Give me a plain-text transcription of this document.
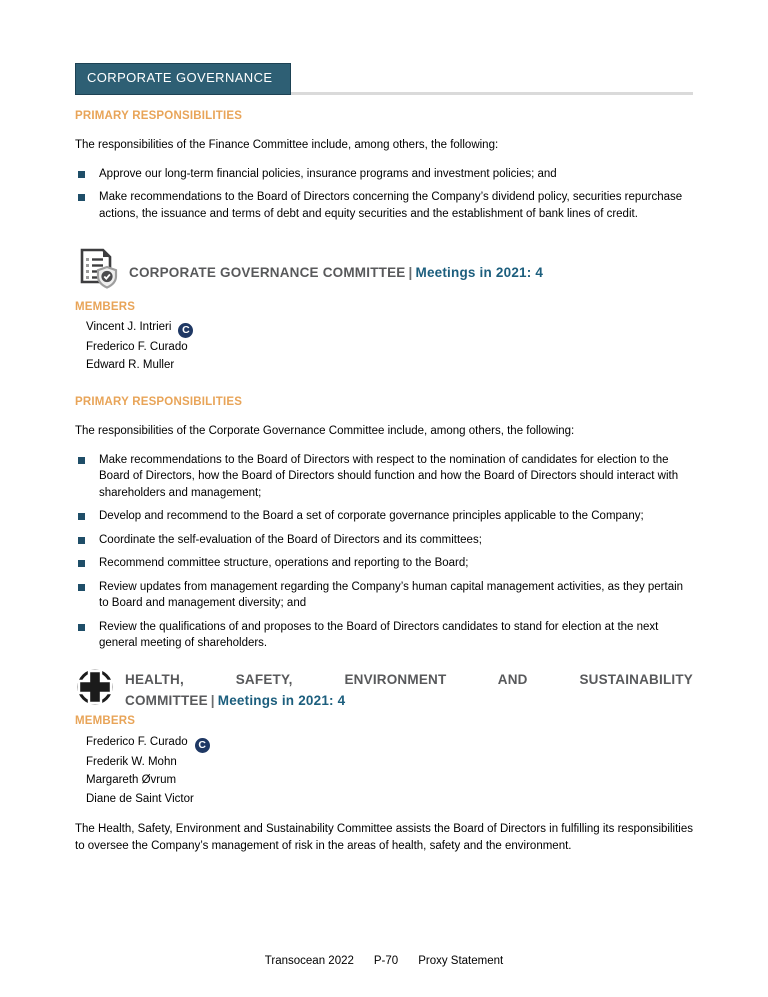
CORPORATE GOVERNANCE
PRIMARY RESPONSIBILITIES

The responsibilities of the Finance Committee include, among others, the following:

Approve our long-term financial policies, insurance programs and investment policies; and
Make recommendations to the Board of Directors concerning the Company’s dividend policy, securities repurchase actions, the issuance and terms of debt and equity securities and the establishment of bank lines of credit.
CORPORATE GOVERNANCE COMMITTEE | Meetings in 2021: 4
MEMBERS
Vincent J. Intrieri C
Frederico F. Curado
Edward R. Muller
PRIMARY RESPONSIBILITIES

The responsibilities of the Corporate Governance Committee include, among others, the following:

Make recommendations to the Board of Directors with respect to the nomination of candidates for election to the Board of Directors, how the Board of Directors should function and how the Board of Directors should interact with shareholders and management;
Develop and recommend to the Board a set of corporate governance principles applicable to the Company;
Coordinate the self-evaluation of the Board of Directors and its committees;
Recommend committee structure, operations and reporting to the Board;
Review updates from management regarding the Company’s human capital management activities, as they pertain to Board and management diversity; and
Review the qualifications of and proposes to the Board of Directors candidates to stand for election at the next general meeting of shareholders.
HEALTH, SAFETY, ENVIRONMENT AND SUSTAINABILITY COMMITTEE | Meetings in 2021: 4
MEMBERS
Frederico F. Curado C
Frederik W. Mohn
Margareth Øvrum
Diane de Saint Victor

The Health, Safety, Environment and Sustainability Committee assists the Board of Directors in fulfilling its responsibilities to oversee the Company’s management of risk in the areas of health, safety and the environment.

Transocean 2022 P-70 Proxy Statement
